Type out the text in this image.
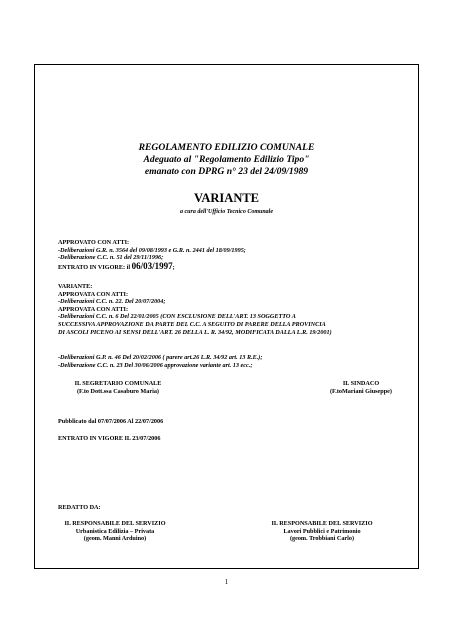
REGOLAMENTO EDILIZIO COMUNALE
Adeguato al "Regolamento Edilizio Tipo"
emanato con DPRG n° 23 del 24/09/1989
VARIANTE
a cura dell'Ufficio Tecnico Comunale
APPROVATO CON ATTI:
-Deliberazioni G.R. n. 3564 del 09/08/1993 e G.R. n. 2441 del 18/09/1995;
-Deliberazione C.C. n. 51 del 29/11/1996;
ENTRATO IN VIGORE: il 06/03/1997;
VARIANTE:
APPROVATA CON ATTI:
-Deliberazioni C.C. n. 22. Del 20/07/2004;
APPROVATA CON ATTI:
-Deliberazioni C.C. n. 6 Del 22/01/2005 (CON ESCLUSIONE DELL'ART. 13 SOGGETTO A
SUCCESSIVA APPROVAZIONE DA PARTE DEL C.C. A SEGUITO DI PARERE DELLA PROVINCIA
DI ASCOLI PICENO AI SENSI DELL'ART. 26 DELLA L. R. 34/92, MODIFICATA DALLA L.R. 19/2001)
-Deliberazioni G.P. n. 46 Del 20/02/2006 ( parere art.26 L.R. 34/92 art. 13 R.E.);
-Deliberazione C.C. n. 23 Del 30/06/2006 approvazione variante art. 13 ecc.;
IL SEGRETARIO COMUNALE
(F.to Dott.ssa Casaburo Maria)
IL SINDACO
(F.toMariani Giuseppe)
Pubblicato dal 07/07/2006 Al 22/07/2006
ENTRATO IN VIGORE IL 23/07/2006
REDATTO DA:
IL RESPONSABILE DEL SERVIZIO
Urbanistica Edilizia – Privata
(geom. Manni Arduino)
IL RESPONSABILE DEL SERVIZIO
Lavori Pubblici e Patrimonio
(geom. Trobbiani Carlo)
1
